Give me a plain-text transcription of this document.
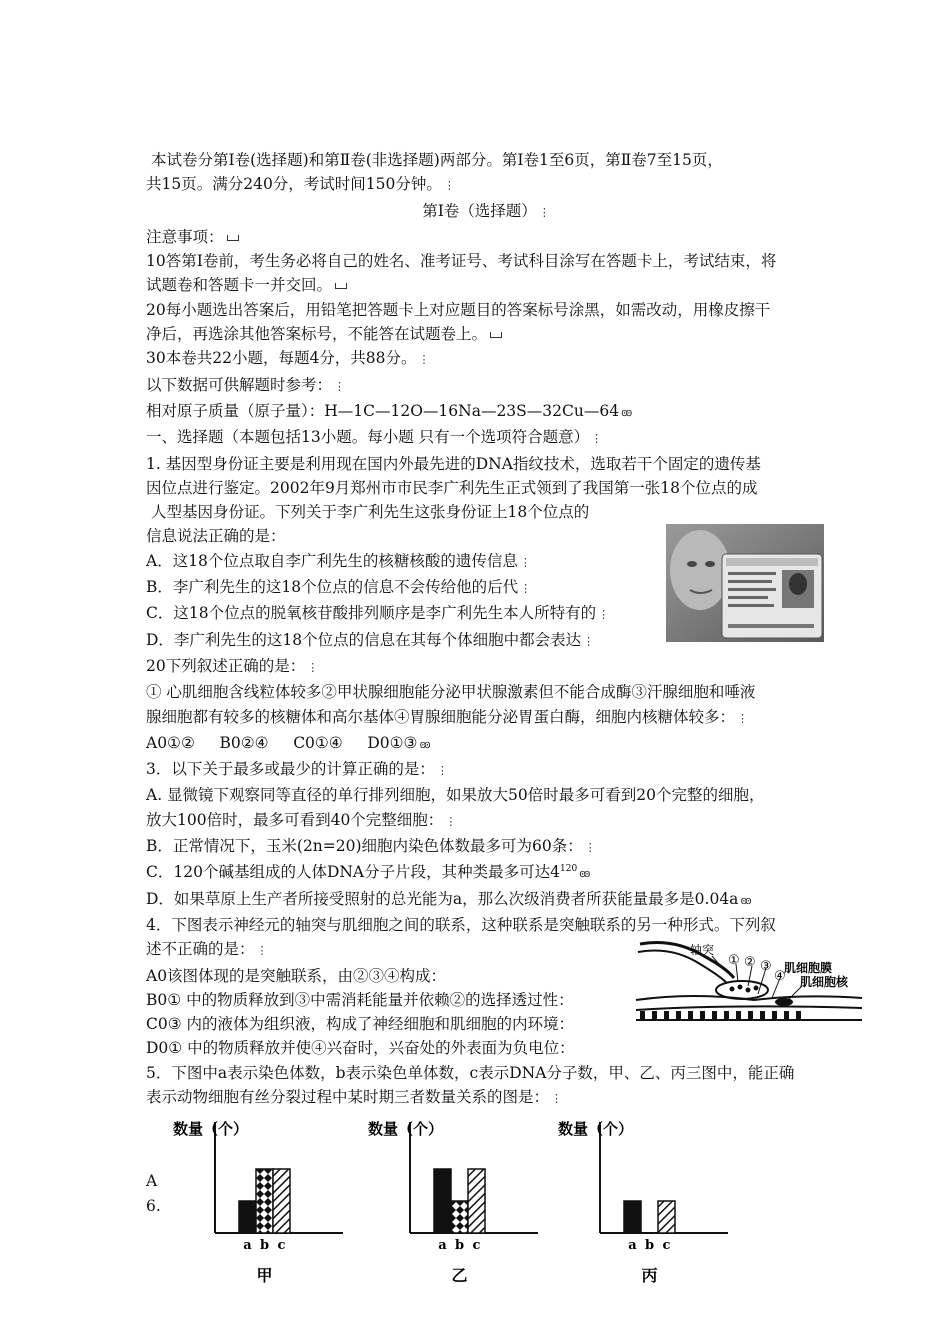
本试卷分第Ⅰ卷(选择题)和第Ⅱ卷(非选择题)两部分。第Ⅰ卷1至6页，第Ⅱ卷7至15页，
共15页。满分240分，考试时间150分钟。 ⋮
第Ⅰ卷（选择题） ⋮
注意事项：
10答第Ⅰ卷前，考生务必将自己的姓名、准考证号、考试科目涂写在答题卡上，考试结束，将
试题卷和答题卡一并交回。
20每小题选出答案后，用铅笔把答题卡上对应题目的答案标号涂黑，如需改动，用橡皮擦干
净后，再选涂其他答案标号，不能答在试题卷上。
30本卷共22小题，每题4分，共88分。 ⋮
以下数据可供解题时参考： ⋮
相对原子质量（原子量）：H—1C—12O—16Na—23S—32Cu—64 ꙭ
一、选择题（本题包括13小题。每小题 只有一个选项符合题意） ⋮
1. 基因型身份证主要是利用现在国内外最先进的DNA指纹技术，选取若干个固定的遗传基
因位点进行鉴定。2002年9月郑州市市民李广利先生正式领到了我国第一张18个位点的成
人型基因身份证。下列关于李广利先生这张身份证上18个位点的
信息说法正确的是：
A．这18个位点取自李广利先生的核糖核酸的遗传信息 ⋮
B．李广利先生的这18个位点的信息不会传给他的后代 ⋮
C．这18个位点的脱氧核苷酸排列顺序是李广利先生本人所特有的 ⋮
D．李广利先生的这18个位点的信息在其每个体细胞中都会表达 ⋮
20下列叙述正确的是： ⋮
① 心肌细胞含线粒体较多②甲状腺细胞能分泌甲状腺激素但不能合成酶③汗腺细胞和唾液
腺细胞都有较多的核糖体和高尔基体④胃腺细胞能分泌胃蛋白酶，细胞内核糖体较多： ⋮
A0①② B0②④ C0①④ D0①③ ꙭ
3．以下关于最多或最少的计算正确的是： ⋮
A. 显微镜下观察同等直径的单行排列细胞，如果放大50倍时最多可看到20个完整的细胞，
放大100倍时，最多可看到40个完整细胞： ⋮
B．正常情况下，玉米(2n=20)细胞内染色体数最多可为60条： ⋮
C．120个碱基组成的人体DNA分子片段，其种类最多可达$4^{120}$ ꙭ
D．如果草原上生产者所接受照射的总光能为a，那么次级消费者所获能量最多是0.04a ꙭ
4．下图表示神经元的轴突与肌细胞之间的联系，这种联系是突触联系的另一种形式。下列叙
述不正确的是： ⋮
A0该图体现的是突触联系，由②③④构成：
B0① 中的物质释放到③中需消耗能量并依赖②的选择透过性：
C0③ 内的液体为组织液，构成了神经细胞和肌细胞的内环境：
D0① 中的物质释放并使④兴奋时，兴奋处的外表面为负电位：
5．下图中a表示染色体数，b表示染色单体数，c表示DNA分子数，甲、乙、丙三图中，能正确
表示动物细胞有丝分裂过程中某时期三者数量关系的图是： ⋮
轴突
① ② ③
④
肌细胞膜
肌细胞核
A
6.
数量（个）
a b c
甲
数量（个）
a b c
乙
数量（个）
a b c
丙
